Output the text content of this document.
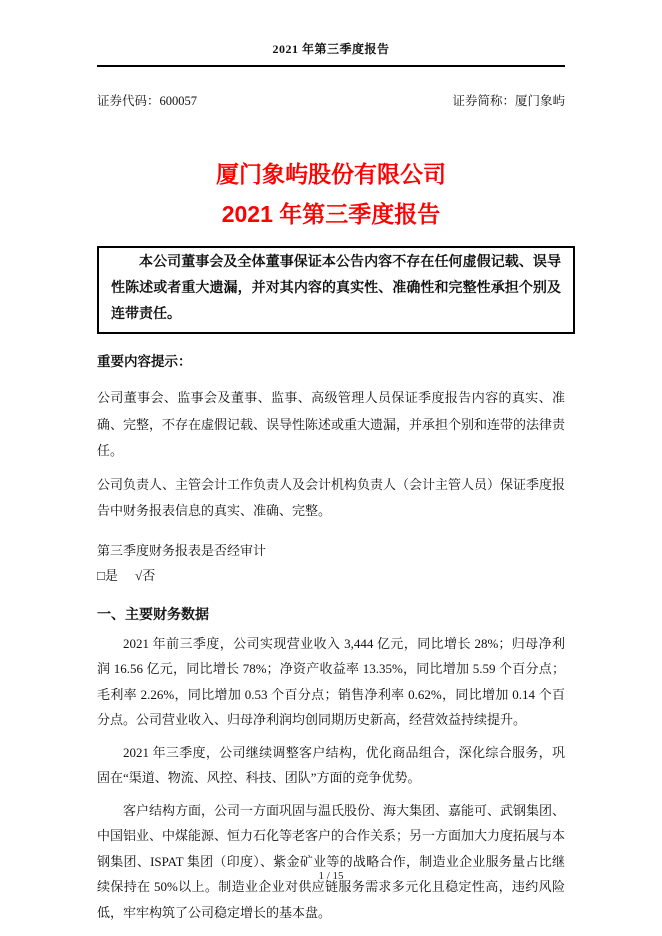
2021 年第三季度报告
证券代码：600057	证券简称：厦门象屿
厦门象屿股份有限公司
2021 年第三季度报告
本公司董事会及全体董事保证本公告内容不存在任何虚假记载、误导性陈述或者重大遗漏，并对其内容的真实性、准确性和完整性承担个别及连带责任。
重要内容提示：

公司董事会、监事会及董事、监事、高级管理人员保证季度报告内容的真实、准确、完整，不存在虚假记载、误导性陈述或重大遗漏，并承担个别和连带的法律责任。

公司负责人、主管会计工作负责人及会计机构负责人（会计主管人员）保证季度报告中财务报表信息的真实、准确、完整。

第三季度财务报表是否经审计
□是 √否
一、主要财务数据

2021 年前三季度，公司实现营业收入 3,444 亿元，同比增长 28%；归母净利润 16.56 亿元，同比增长 78%；净资产收益率 13.35%，同比增加 5.59 个百分点；毛利率 2.26%，同比增加 0.53 个百分点；销售净利率 0.62%，同比增加 0.14 个百分点。公司营业收入、归母净利润均创同期历史新高，经营效益持续提升。

2021 年三季度，公司继续调整客户结构，优化商品组合，深化综合服务，巩固在“渠道、物流、风控、科技、团队”方面的竞争优势。

客户结构方面，公司一方面巩固与温氏股份、海大集团、嘉能可、武钢集团、中国铝业、中煤能源、恒力石化等老客户的合作关系；另一方面加大力度拓展与本钢集团、ISPAT 集团（印度）、紫金矿业等的战略合作，制造业企业服务量占比继续保持在 50%以上。制造业企业对供应链服务需求多元化且稳定性高，违约风险低，牢牢构筑了公司稳定增长的基本盘。

1 / 15
